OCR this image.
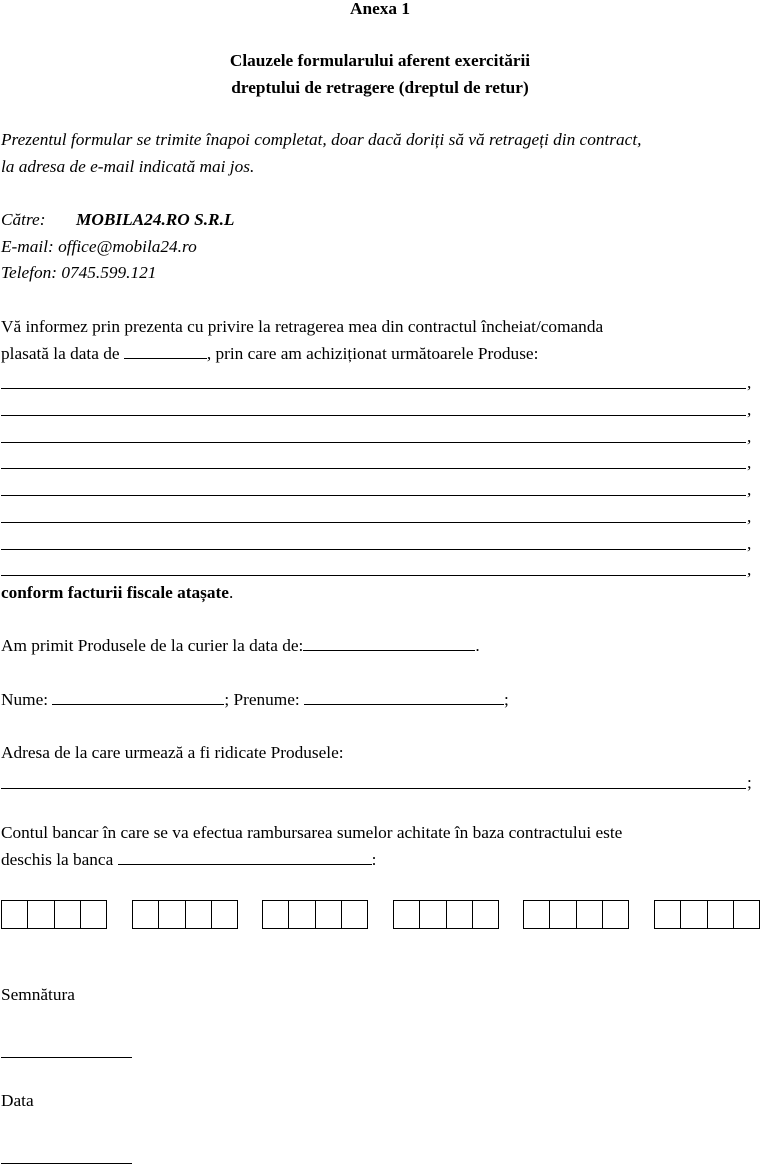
Anexa 1
Clauzele formularului aferent exercitării
dreptului de retragere (dreptul de retur)
Prezentul formular se trimite înapoi completat, doar dacă doriți să vă retrageți din contract,
la adresa de e-mail indicată mai jos.
Către: MOBILA24.RO S.R.L
E-mail: office@mobila24.ro
Telefon: 0745.599.121
Vă informez prin prezenta cu privire la retragerea mea din contractul încheiat/comanda
plasată la data de	, prin care am achiziționat următoarele Produse:
,
,
,
,
,
,
,
,
conform facturii fiscale atașate.
Am primit Produsele de la curier la data de:	.
Nume:	; Prenume:	;
Adresa de la care urmează a fi ridicate Produsele:
;
Contul bancar în care se va efectua rambursarea sumelor achitate în baza contractului este
deschis la banca	:
Semnătura
Data
